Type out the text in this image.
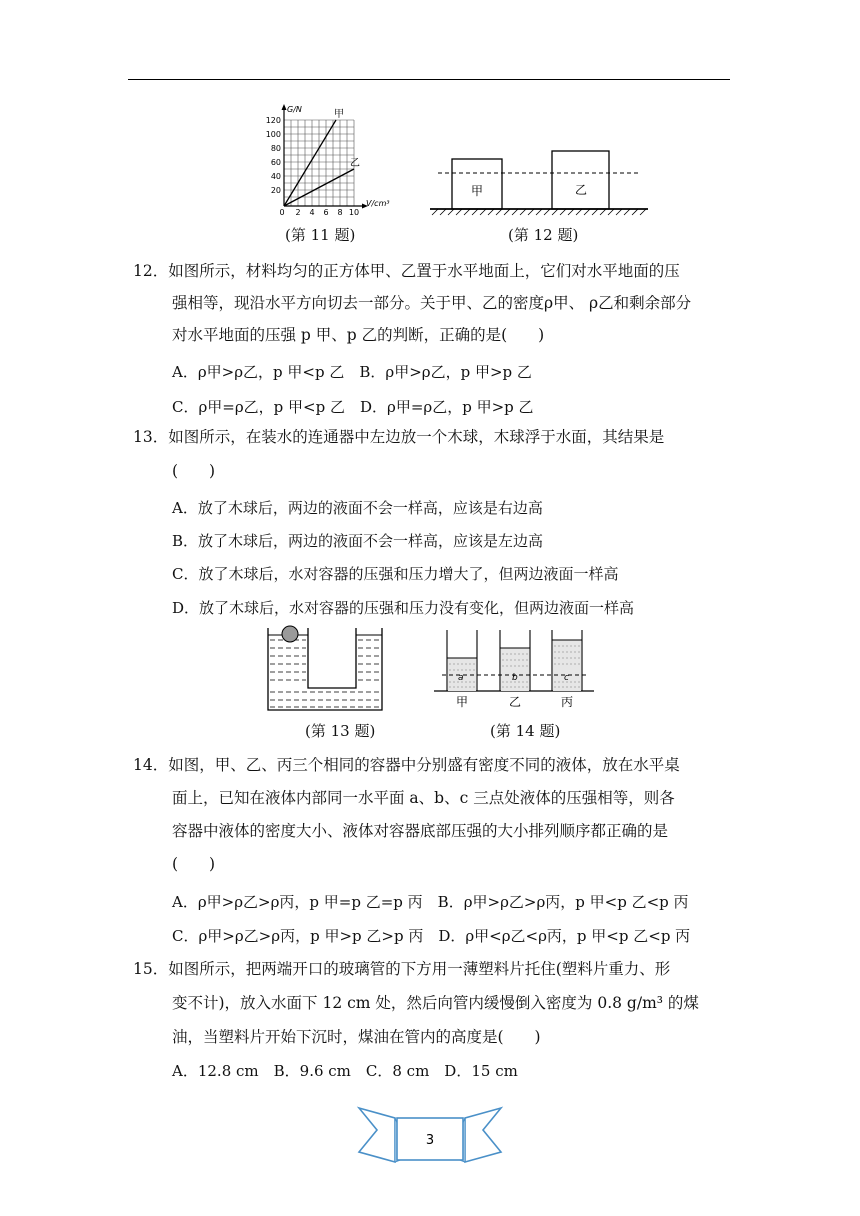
G/N
V/cm³
甲
乙
120
100
80
60
40
20
0 2 4 6 8 10
(第 11 题)
甲	乙
(第 12 题)
12．如图所示，材料均匀的正方体甲、乙置于水平地面上，它们对水平地面的压
强相等，现沿水平方向切去一部分。关于甲、乙的密度ρ甲、 ρ乙和剩余部分
对水平地面的压强 p 甲、p 乙的判断，正确的是(　　)
A．ρ甲>ρ乙，p 甲<p 乙　B．ρ甲>ρ乙，p 甲>p 乙
C．ρ甲=ρ乙，p 甲<p 乙　D．ρ甲=ρ乙，p 甲>p 乙
13．如图所示，在装水的连通器中左边放一个木球，木球浮于水面，其结果是
(　　)
A．放了木球后，两边的液面不会一样高，应该是右边高
B．放了木球后，两边的液面不会一样高，应该是左边高
C．放了木球后，水对容器的压强和压力增大了，但两边液面一样高
D．放了木球后，水对容器的压强和压力没有变化，但两边液面一样高
(第 13 题)
a	b	c
甲	乙	丙
(第 14 题)
14．如图，甲、乙、丙三个相同的容器中分别盛有密度不同的液体，放在水平桌
面上，已知在液体内部同一水平面 a、b、c 三点处液体的压强相等，则各
容器中液体的密度大小、液体对容器底部压强的大小排列顺序都正确的是
(　　)
A．ρ甲>ρ乙>ρ丙，p 甲=p 乙=p 丙　B．ρ甲>ρ乙>ρ丙，p 甲<p 乙<p 丙
C．ρ甲>ρ乙>ρ丙，p 甲>p 乙>p 丙　D．ρ甲<ρ乙<ρ丙，p 甲<p 乙<p 丙
15．如图所示，把两端开口的玻璃管的下方用一薄塑料片托住(塑料片重力、形
变不计)，放入水面下 12 cm 处，然后向管内缓慢倒入密度为 0.8 g/m³ 的煤
油，当塑料片开始下沉时，煤油在管内的高度是(　　)
A．12.8 cm　B．9.6 cm　C．8 cm　D．15 cm
3
